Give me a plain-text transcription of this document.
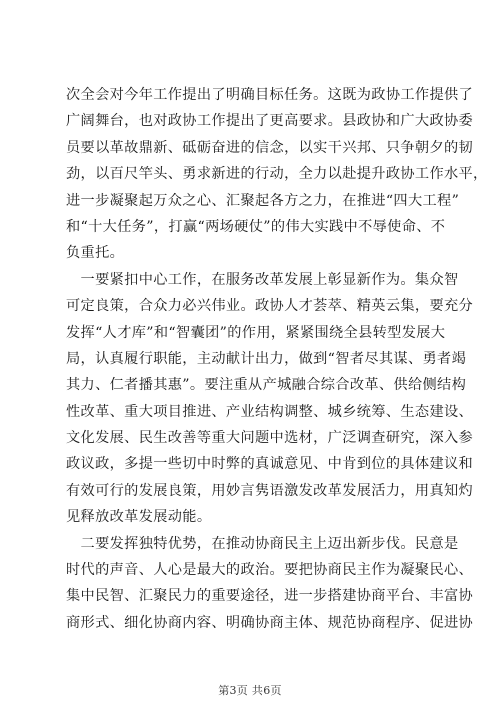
次全会对今年工作提出了明确目标任务。这既为政协工作提供了
广阔舞台，也对政协工作提出了更高要求。县政协和广大政协委
员要以革故鼎新、砥砺奋进的信念，以实干兴邦、只争朝夕的韧
劲，以百尺竿头、勇求新进的行动，全力以赴提升政协工作水平，
进一步凝聚起万众之心、汇聚起各方之力，在推进“四大工程”
和“十大任务”，打赢“两场硬仗”的伟大实践中不辱使命、不
负重托。
　一要紧扣中心工作，在服务改革发展上彰显新作为。集众智
可定良策，合众力必兴伟业。政协人才荟萃、精英云集，要充分
发挥“人才库”和“智囊团”的作用，紧紧围绕全县转型发展大
局，认真履行职能，主动献计出力，做到“智者尽其谋、勇者竭
其力、仁者播其惠”。要注重从产城融合综合改革、供给侧结构
性改革、重大项目推进、产业结构调整、城乡统筹、生态建设、
文化发展、民生改善等重大问题中选材，广泛调查研究，深入参
政议政，多提一些切中时弊的真诚意见、中肯到位的具体建议和
有效可行的发展良策，用妙言隽语激发改革发展活力，用真知灼
见释放改革发展动能。
　二要发挥独特优势，在推动协商民主上迈出新步伐。民意是
时代的声音、人心是最大的政治。要把协商民主作为凝聚民心、
集中民智、汇聚民力的重要途径，进一步搭建协商平台、丰富协
商形式、细化协商内容、明确协商主体、规范协商程序、促进协
第3页 共6页
